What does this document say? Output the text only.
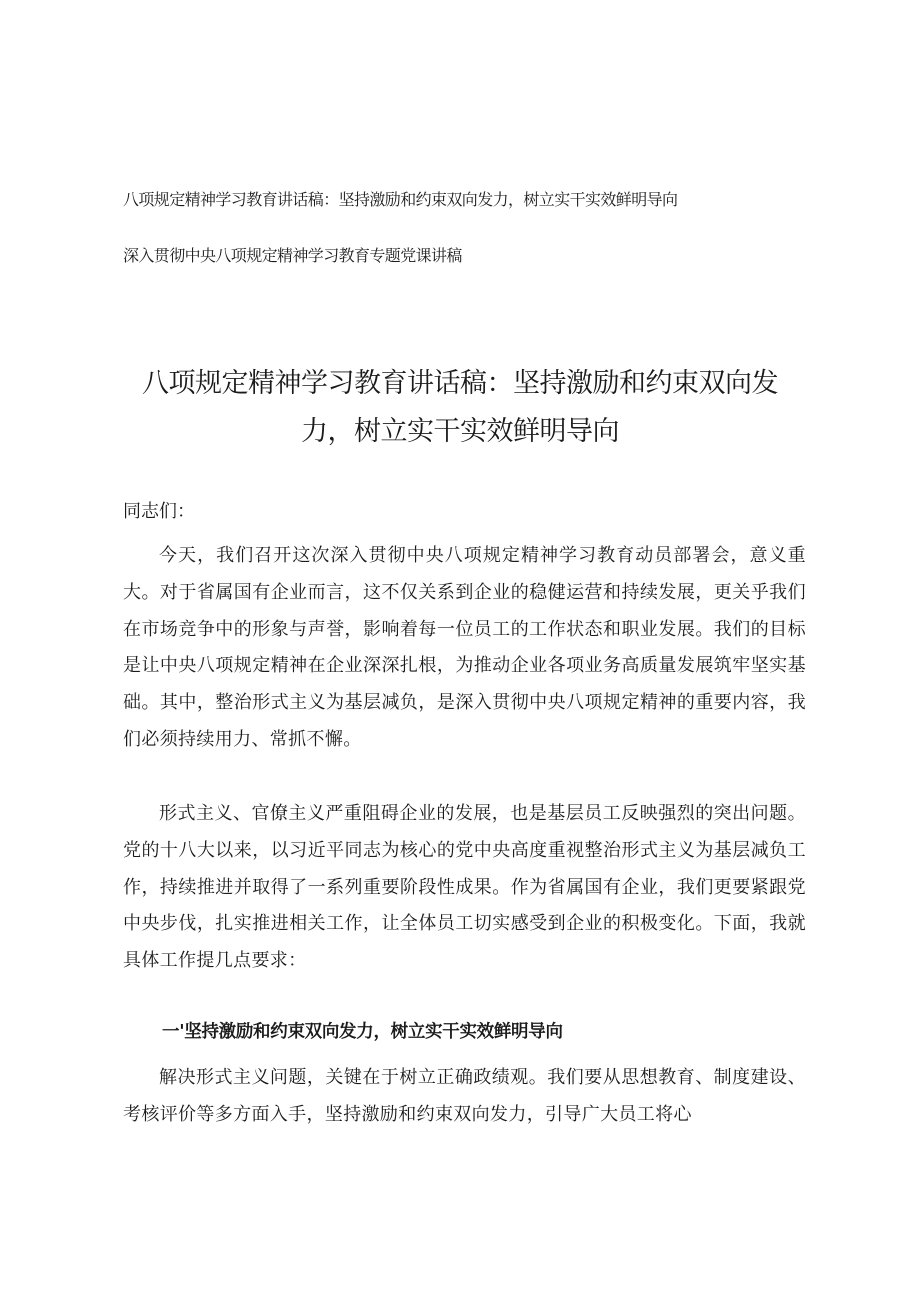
八项规定精神学习教育讲话稿：坚持激励和约束双向发力，树立实干实效鲜明导向
深入贯彻中央八项规定精神学习教育专题党课讲稿
八项规定精神学习教育讲话稿：坚持激励和约束双向发
力，树立实干实效鲜明导向

同志们：

今天，我们召开这次深入贯彻中央八项规定精神学习教育动员部署会，意义重大。对于省属国有企业而言，这不仅关系到企业的稳健运营和持续发展，更关乎我们在市场竞争中的形象与声誉，影响着每一位员工的工作状态和职业发展。我们的目标是让中央八项规定精神在企业深深扎根，为推动企业各项业务高质量发展筑牢坚实基础。其中，整治形式主义为基层减负，是深入贯彻中央八项规定精神的重要内容，我们必须持续用力、常抓不懈。

形式主义、官僚主义严重阻碍企业的发展，也是基层员工反映强烈的突出问题。党的十八大以来，以习近平同志为核心的党中央高度重视整治形式主义为基层减负工作，持续推进并取得了一系列重要阶段性成果。作为省属国有企业，我们更要紧跟党中央步伐，扎实推进相关工作，让全体员工切实感受到企业的积极变化。下面，我就具体工作提几点要求：

一'坚持激励和约束双向发力，树立实干实效鲜明导向

解决形式主义问题，关键在于树立正确政绩观。我们要从思想教育、制度建设、考核评价等多方面入手，坚持激励和约束双向发力，引导广大员工将心
